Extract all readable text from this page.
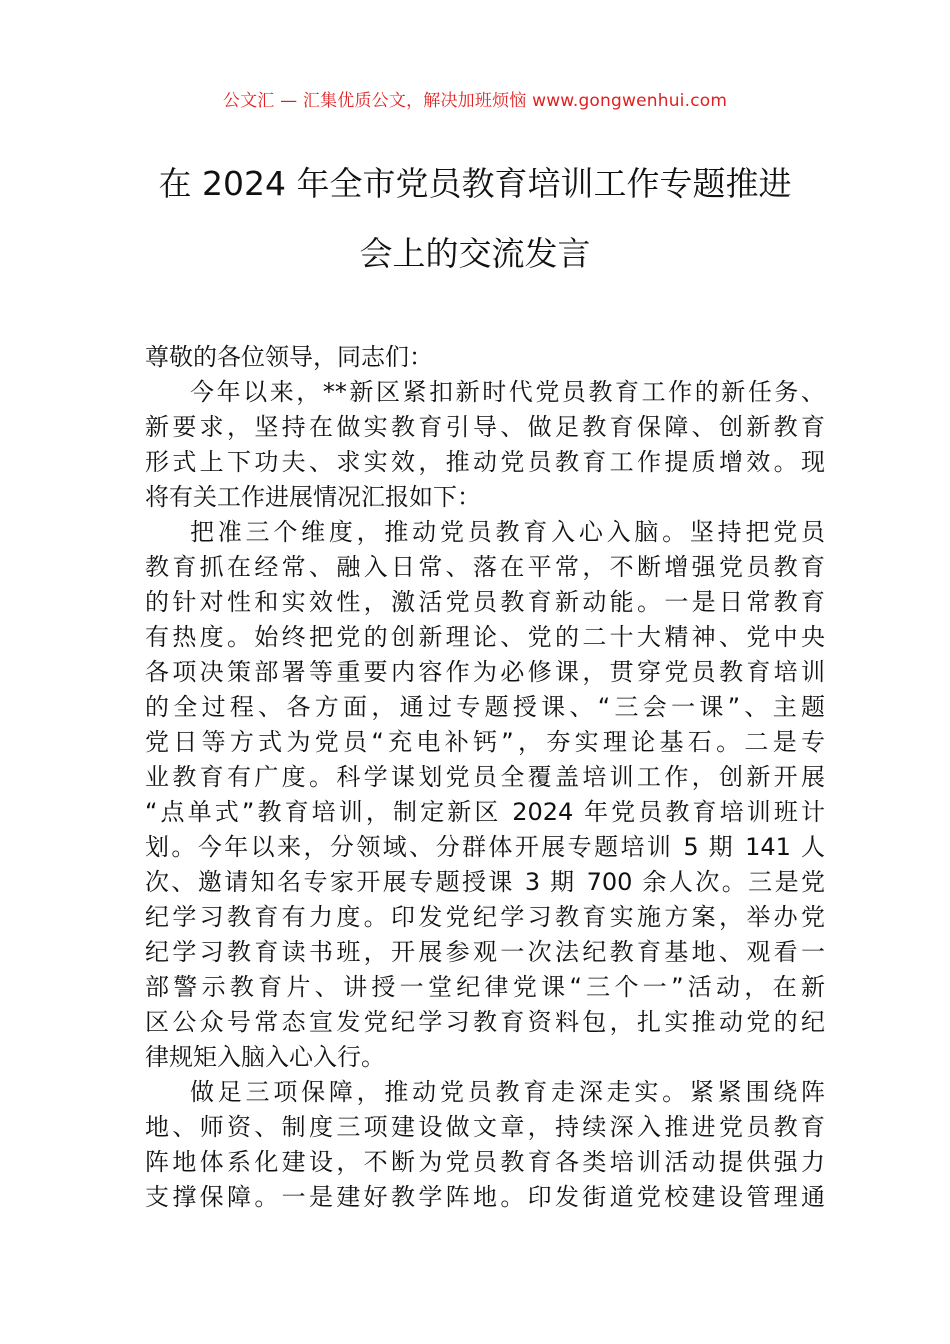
公文汇 — 汇集优质公文，解决加班烦恼 www.gongwenhui.com
在 2024 年全市党员教育培训工作专题推进
会上的交流发言
尊敬的各位领导，同志们：
今年以来，**新区紧扣新时代党员教育工作的新任务、
新要求，坚持在做实教育引导、做足教育保障、创新教育
形式上下功夫、求实效，推动党员教育工作提质增效。现
将有关工作进展情况汇报如下：
把准三个维度，推动党员教育入心入脑。坚持把党员
教育抓在经常、融入日常、落在平常，不断增强党员教育
的针对性和实效性，激活党员教育新动能。一是日常教育
有热度。始终把党的创新理论、党的二十大精神、党中央
各项决策部署等重要内容作为必修课，贯穿党员教育培训
的全过程、各方面，通过专题授课、“三会一课”、主题
党日等方式为党员“充电补钙”，夯实理论基石。二是专
业教育有广度。科学谋划党员全覆盖培训工作，创新开展
“点单式”教育培训，制定新区 2024 年党员教育培训班计
划。今年以来，分领域、分群体开展专题培训 5 期 141 人
次、邀请知名专家开展专题授课 3 期 700 余人次。三是党
纪学习教育有力度。印发党纪学习教育实施方案，举办党
纪学习教育读书班，开展参观一次法纪教育基地、观看一
部警示教育片、讲授一堂纪律党课“三个一”活动，在新
区公众号常态宣发党纪学习教育资料包，扎实推动党的纪
律规矩入脑入心入行。
做足三项保障，推动党员教育走深走实。紧紧围绕阵
地、师资、制度三项建设做文章，持续深入推进党员教育
阵地体系化建设，不断为党员教育各类培训活动提供强力
支撑保障。一是建好教学阵地。印发街道党校建设管理通
